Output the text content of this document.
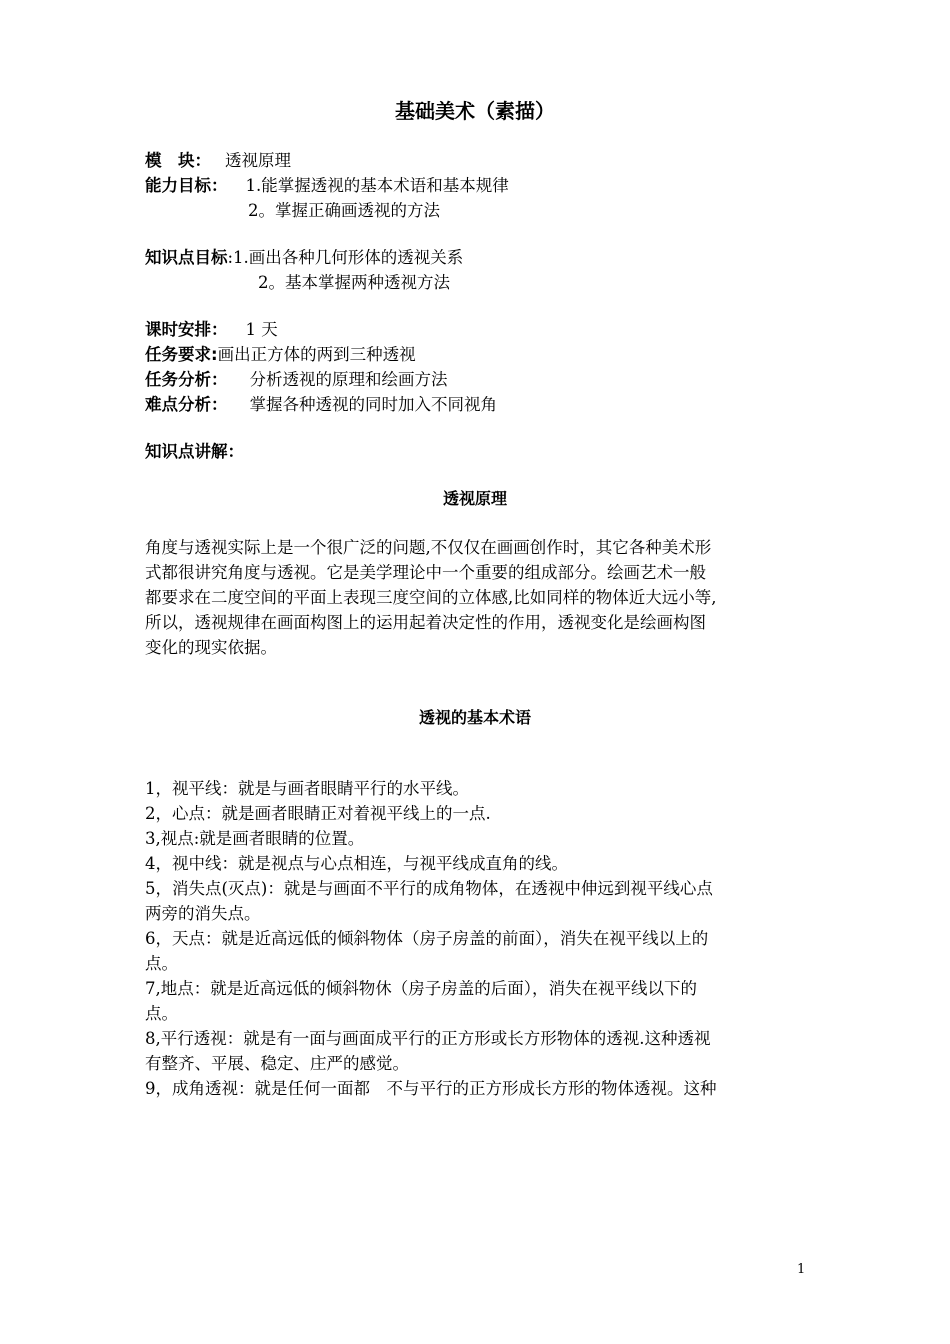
基础美术（素描）
模　块： 透视原理
能力目标： 1.能掌握透视的基本术语和基本规律
2。掌握正确画透视的方法
知识点目标:1.画出各种几何形体的透视关系
2。基本掌握两种透视方法
课时安排： 1 天
任务要求:画出正方体的两到三种透视
任务分析： 分析透视的原理和绘画方法
难点分析： 掌握各种透视的同时加入不同视角
知识点讲解：
透视原理
角度与透视实际上是一个很广泛的问题,不仅仅在画画创作时，其它各种美术形
式都很讲究角度与透视。它是美学理论中一个重要的组成部分。绘画艺术一般
都要求在二度空间的平面上表现三度空间的立体感,比如同样的物体近大远小等,
所以，透视规律在画面构图上的运用起着决定性的作用，透视变化是绘画构图
变化的现实依据。
透视的基本术语
1，视平线：就是与画者眼睛平行的水平线。
2，心点：就是画者眼睛正对着视平线上的一点.
3,视点:就是画者眼睛的位置。
4，视中线：就是视点与心点相连，与视平线成直角的线。
5，消失点(灭点)：就是与画面不平行的成角物体，在透视中伸远到视平线心点
两旁的消失点。
6，天点：就是近高远低的倾斜物体（房子房盖的前面），消失在视平线以上的
点。
7,地点：就是近高远低的倾斜物休（房子房盖的后面），消失在视平线以下的
点。
8,平行透视：就是有一面与画面成平行的正方形或长方形物体的透视.这种透视
有整齐、平展、稳定、庄严的感觉。
9，成角透视：就是任何一面都　不与平行的正方形成长方形的物体透视。这种
1
